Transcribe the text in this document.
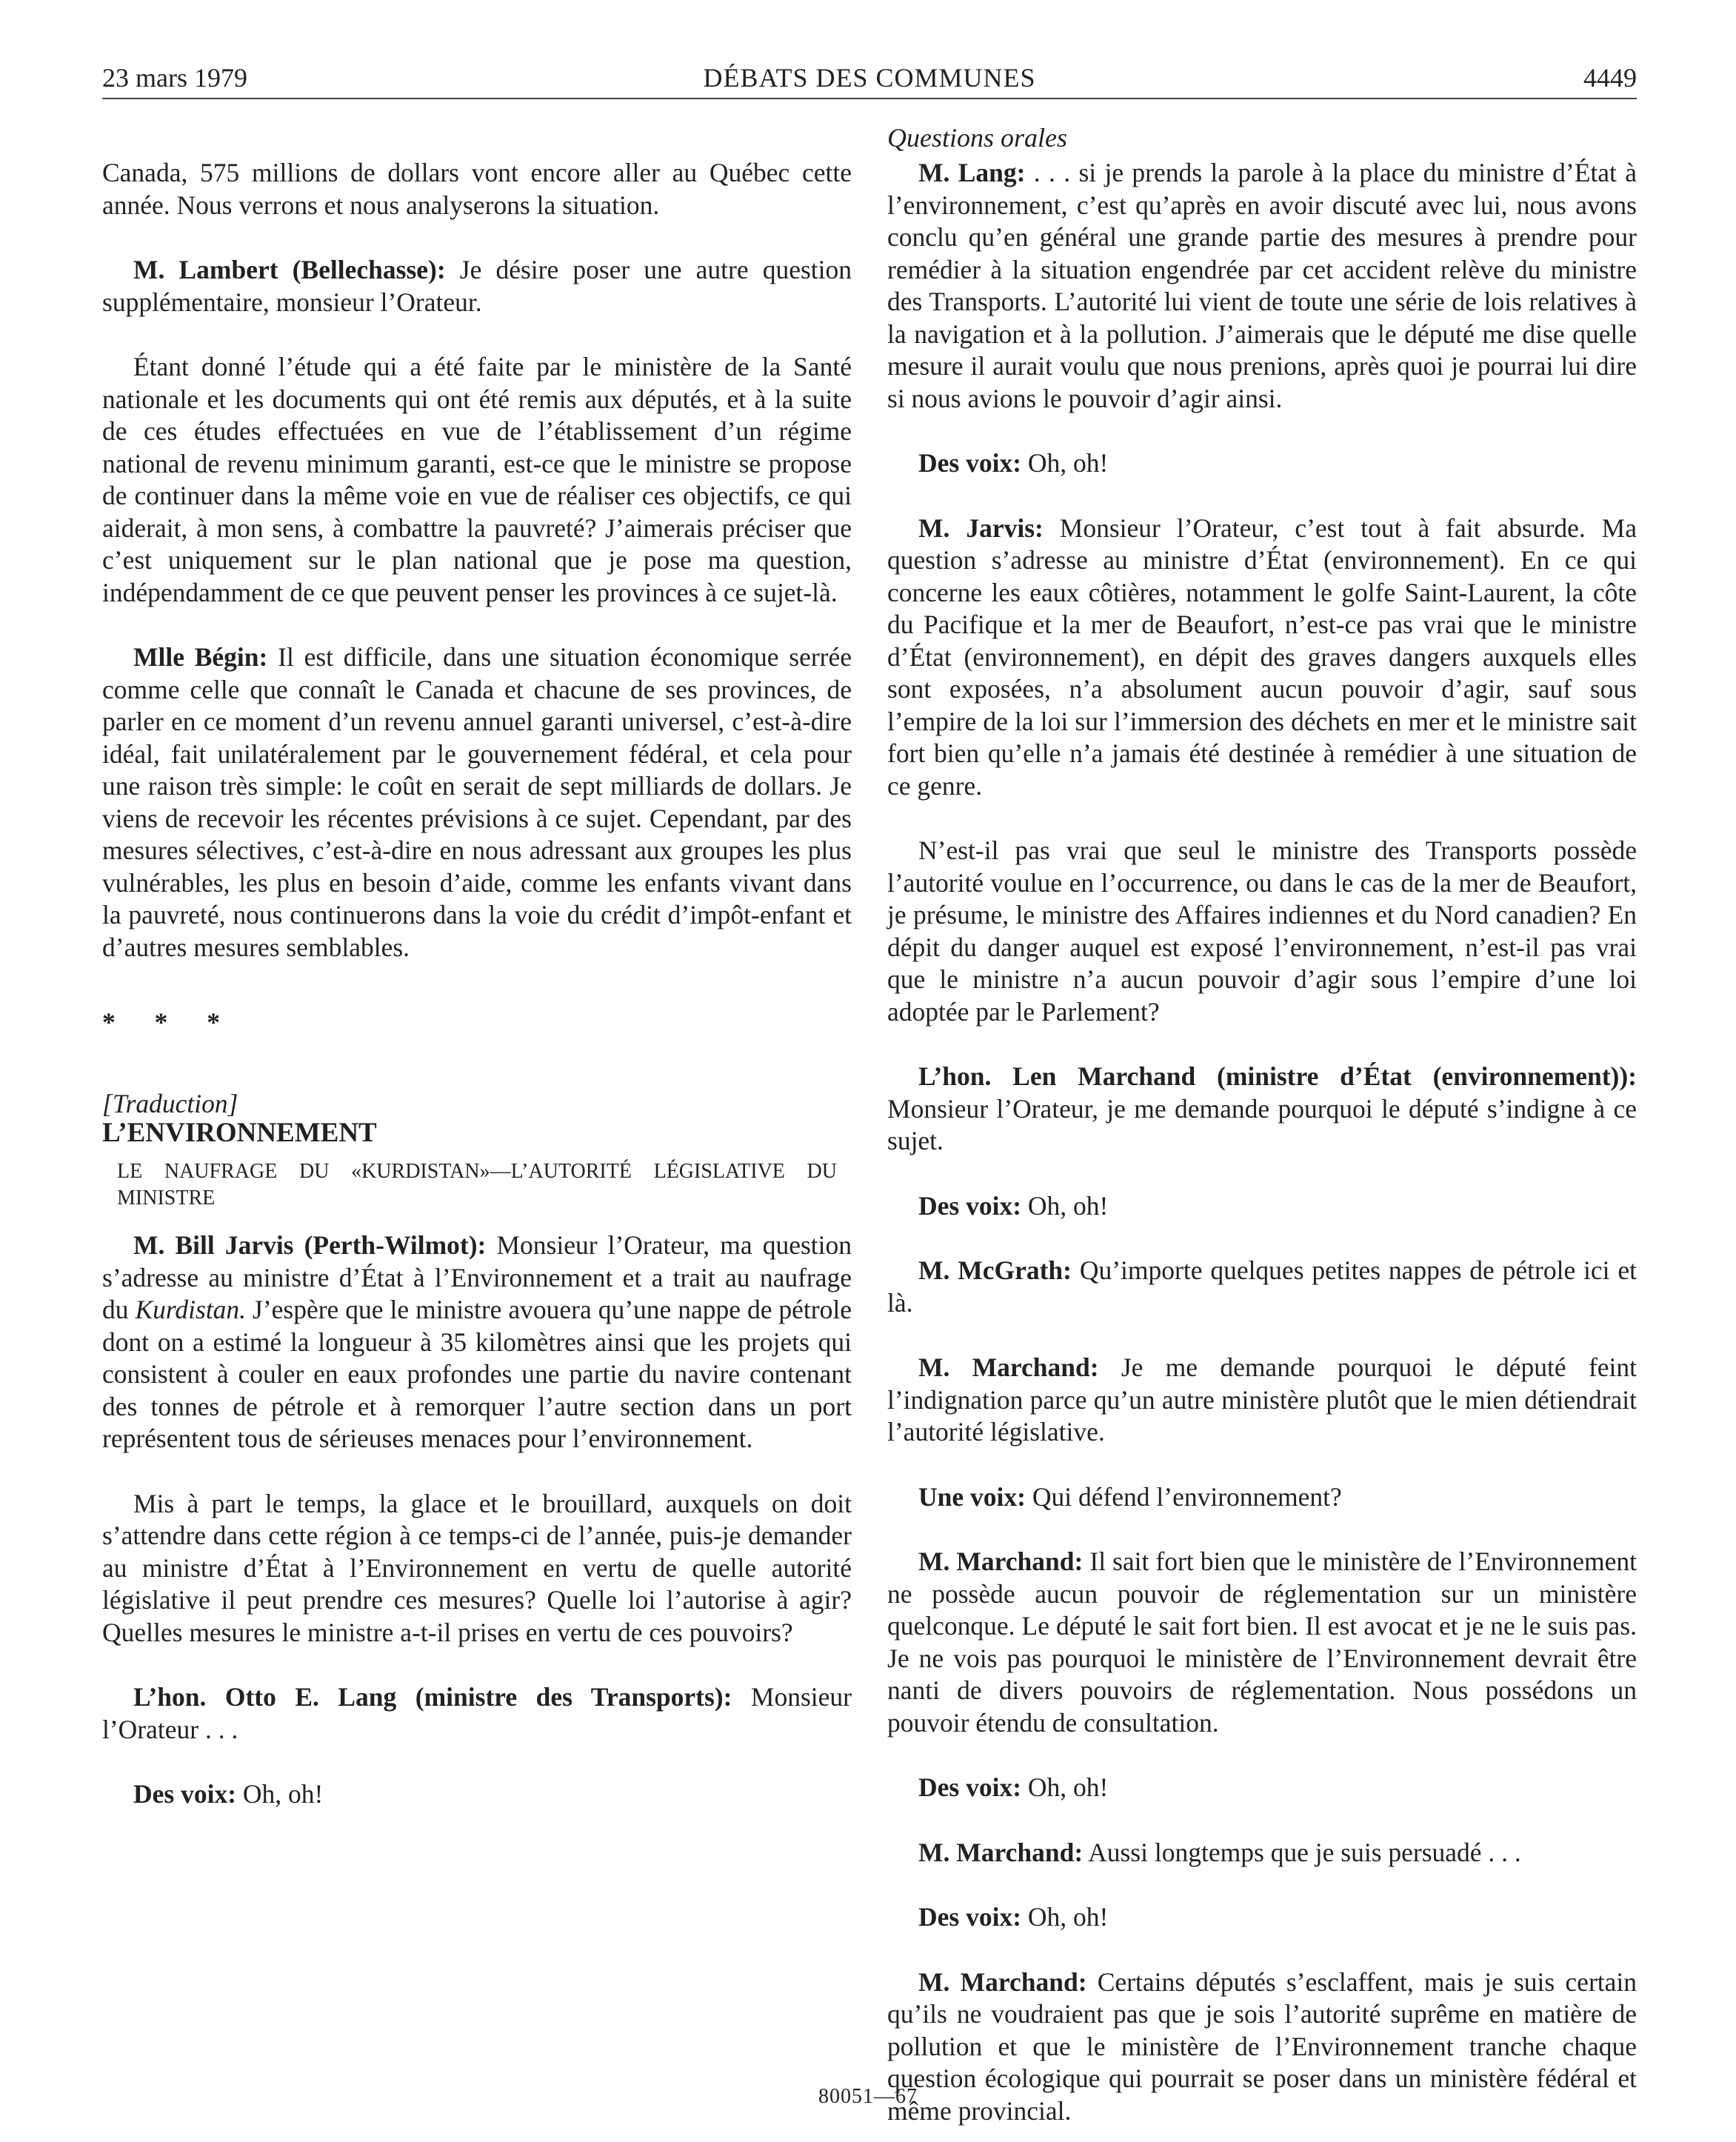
23 mars 1979	DÉBATS DES COMMUNES	4449

Canada, 575 millions de dollars vont encore aller au Québec cette année. Nous verrons et nous analyserons la situation.

M. Lambert (Bellechasse): Je désire poser une autre question supplémentaire, monsieur l’Orateur.

Étant donné l’étude qui a été faite par le ministère de la Santé nationale et les documents qui ont été remis aux députés, et à la suite de ces études effectuées en vue de l’établissement d’un régime national de revenu minimum garanti, est-ce que le ministre se propose de continuer dans la même voie en vue de réaliser ces objectifs, ce qui aiderait, à mon sens, à combattre la pauvreté? J’aimerais préciser que c’est uniquement sur le plan national que je pose ma question, indépendamment de ce que peuvent penser les provinces à ce sujet-là.

Mlle Bégin: Il est difficile, dans une situation économique serrée comme celle que connaît le Canada et chacune de ses provinces, de parler en ce moment d’un revenu annuel garanti universel, c’est-à-dire idéal, fait unilatéralement par le gouvernement fédéral, et cela pour une raison très simple: le coût en serait de sept milliards de dollars. Je viens de recevoir les récentes prévisions à ce sujet. Cependant, par des mesures sélectives, c’est-à-dire en nous adressant aux groupes les plus vulnérables, les plus en besoin d’aide, comme les enfants vivant dans la pauvreté, nous continuerons dans la voie du crédit d’impôt-enfant et d’autres mesures semblables.

* * *

[Traduction]

L’ENVIRONNEMENT

LE NAUFRAGE DU «KURDISTAN»—L’AUTORITÉ LÉGISLATIVE DU MINISTRE

M. Bill Jarvis (Perth-Wilmot): Monsieur l’Orateur, ma question s’adresse au ministre d’État à l’Environnement et a trait au naufrage du Kurdistan. J’espère que le ministre avouera qu’une nappe de pétrole dont on a estimé la longueur à 35 kilomètres ainsi que les projets qui consistent à couler en eaux profondes une partie du navire contenant des tonnes de pétrole et à remorquer l’autre section dans un port représentent tous de sérieuses menaces pour l’environnement.

Mis à part le temps, la glace et le brouillard, auxquels on doit s’attendre dans cette région à ce temps-ci de l’année, puis-je demander au ministre d’État à l’Environnement en vertu de quelle autorité législative il peut prendre ces mesures? Quelle loi l’autorise à agir? Quelles mesures le ministre a-t-il prises en vertu de ces pouvoirs?

L’hon. Otto E. Lang (ministre des Transports): Monsieur l’Orateur . . .

Des voix: Oh, oh!

Questions orales

M. Lang: . . . si je prends la parole à la place du ministre d’État à l’environnement, c’est qu’après en avoir discuté avec lui, nous avons conclu qu’en général une grande partie des mesures à prendre pour remédier à la situation engendrée par cet accident relève du ministre des Transports. L’autorité lui vient de toute une série de lois relatives à la navigation et à la pollution. J’aimerais que le député me dise quelle mesure il aurait voulu que nous prenions, après quoi je pourrai lui dire si nous avions le pouvoir d’agir ainsi.

Des voix: Oh, oh!

M. Jarvis: Monsieur l’Orateur, c’est tout à fait absurde. Ma question s’adresse au ministre d’État (environnement). En ce qui concerne les eaux côtières, notamment le golfe Saint-Laurent, la côte du Pacifique et la mer de Beaufort, n’est-ce pas vrai que le ministre d’État (environnement), en dépit des graves dangers auxquels elles sont exposées, n’a absolument aucun pouvoir d’agir, sauf sous l’empire de la loi sur l’immersion des déchets en mer et le ministre sait fort bien qu’elle n’a jamais été destinée à remédier à une situation de ce genre.

N’est-il pas vrai que seul le ministre des Transports possède l’autorité voulue en l’occurrence, ou dans le cas de la mer de Beaufort, je présume, le ministre des Affaires indiennes et du Nord canadien? En dépit du danger auquel est exposé l’environnement, n’est-il pas vrai que le ministre n’a aucun pouvoir d’agir sous l’empire d’une loi adoptée par le Parlement?

L’hon. Len Marchand (ministre d’État (environnement)): Monsieur l’Orateur, je me demande pourquoi le député s’indigne à ce sujet.

Des voix: Oh, oh!

M. McGrath: Qu’importe quelques petites nappes de pétrole ici et là.

M. Marchand: Je me demande pourquoi le député feint l’indignation parce qu’un autre ministère plutôt que le mien détiendrait l’autorité législative.

Une voix: Qui défend l’environnement?

M. Marchand: Il sait fort bien que le ministère de l’Environnement ne possède aucun pouvoir de réglementation sur un ministère quelconque. Le député le sait fort bien. Il est avocat et je ne le suis pas. Je ne vois pas pourquoi le ministère de l’Environnement devrait être nanti de divers pouvoirs de réglementation. Nous possédons un pouvoir étendu de consultation.

Des voix: Oh, oh!

M. Marchand: Aussi longtemps que je suis persuadé . . .

Des voix: Oh, oh!

M. Marchand: Certains députés s’esclaffent, mais je suis certain qu’ils ne voudraient pas que je sois l’autorité suprême en matière de pollution et que le ministère de l’Environnement tranche chaque question écologique qui pourrait se poser dans un ministère fédéral et même provincial.

80051—67
